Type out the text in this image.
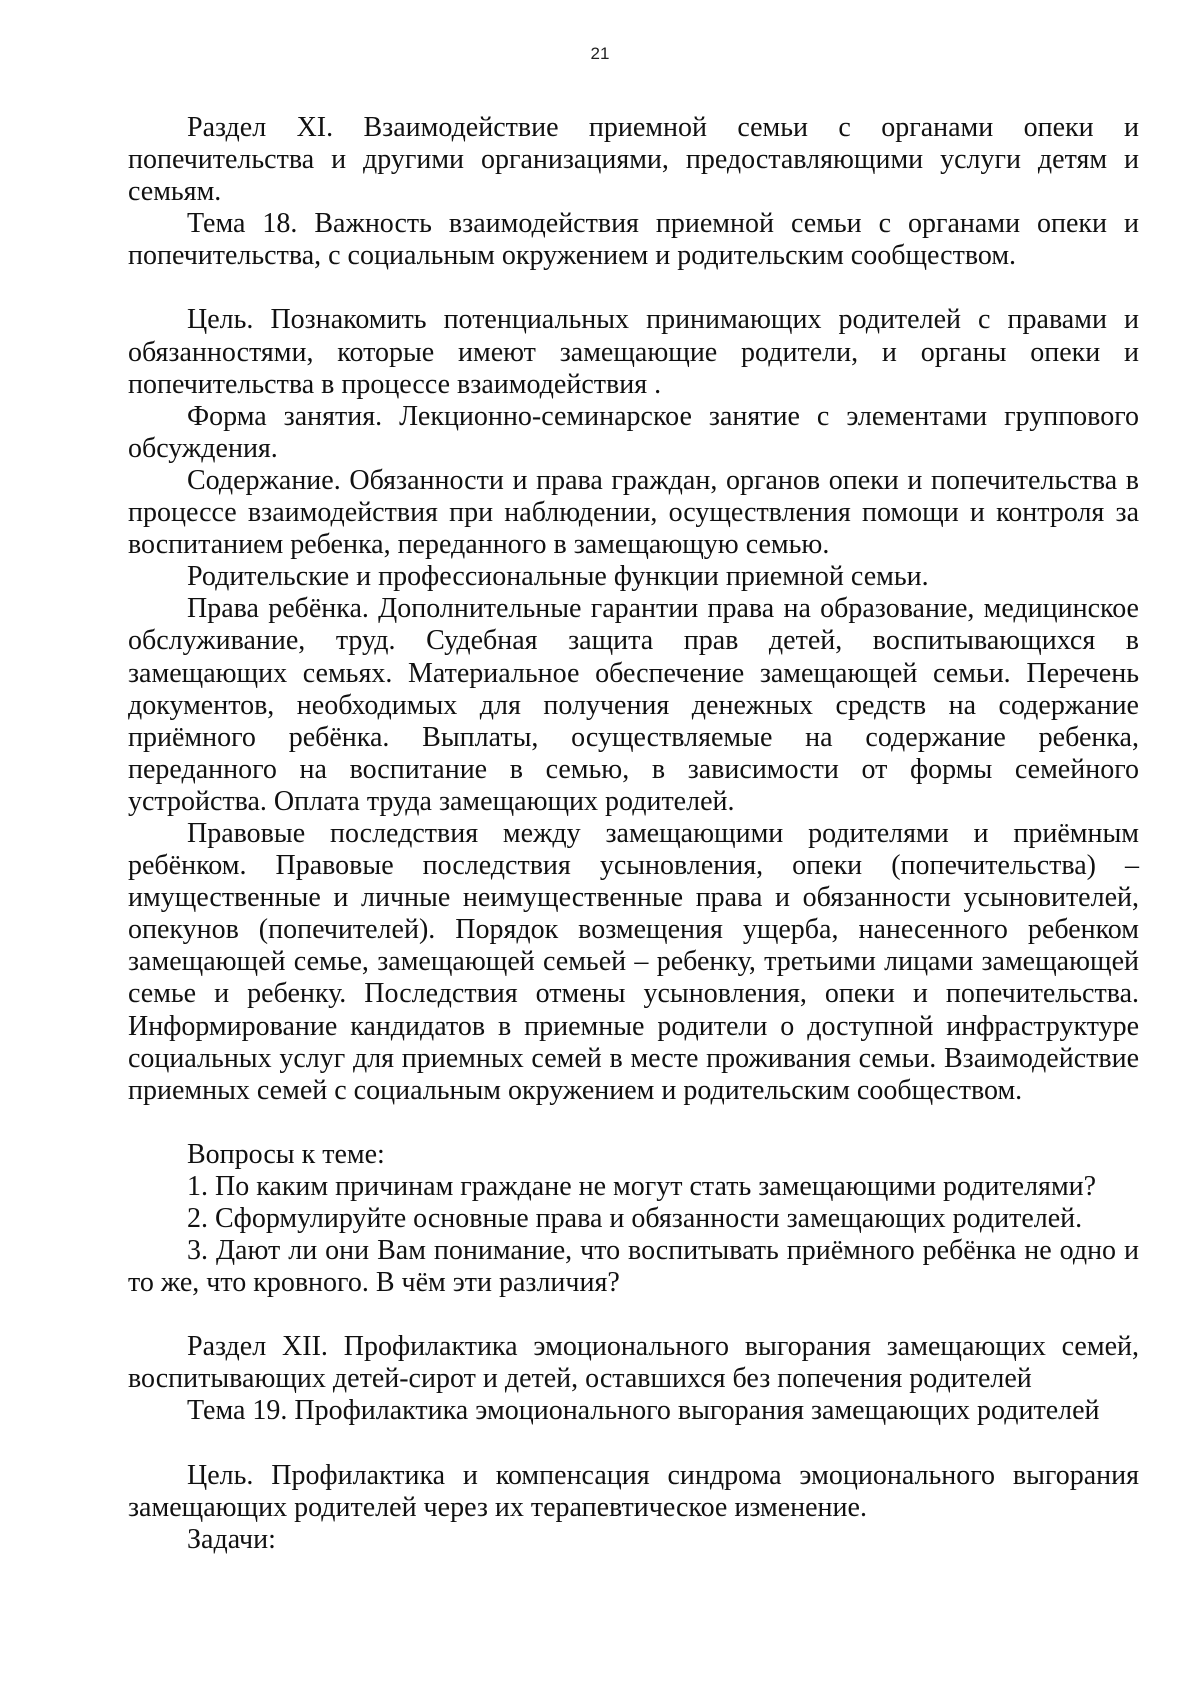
21

Раздел XI. Взаимодействие приемной семьи с органами опеки и попечительства и другими организациями, предоставляющими услуги детям и семьям.

Тема 18. Важность взаимодействия приемной семьи с органами опеки и попечительства, с социальным окружением и родительским сообществом.

Цель. Познакомить потенциальных принимающих родителей с правами и обязанностями, которые имеют замещающие родители, и органы опеки и попечительства в процессе взаимодействия .

Форма занятия. Лекционно-семинарское занятие с элементами группового обсуждения.

Содержание. Обязанности и права граждан, органов опеки и попечительства в процессе взаимодействия при наблюдении, осуществления помощи и контроля за воспитанием ребенка, переданного в замещающую семью.

Родительские и профессиональные функции приемной семьи.

Права ребёнка. Дополнительные гарантии права на образование, медицинское обслуживание, труд. Судебная защита прав детей, воспитывающихся в замещающих семьях. Материальное обеспечение замещающей семьи. Перечень документов, необходимых для получения денежных средств на содержание приёмного ребёнка. Выплаты, осуществляемые на содержание ребенка, переданного на воспитание в семью, в зависимости от формы семейного устройства. Оплата труда замещающих родителей.

Правовые последствия между замещающими родителями и приёмным ребёнком. Правовые последствия усыновления, опеки (попечительства) – имущественные и личные неимущественные права и обязанности усыновителей, опекунов (попечителей). Порядок возмещения ущерба, нанесенного ребенком замещающей семье, замещающей семьей – ребенку, третьими лицами замещающей семье и ребенку. Последствия отмены усыновления, опеки и попечительства. Информирование кандидатов в приемные родители о доступной инфраструктуре социальных услуг для приемных семей в месте проживания семьи. Взаимодействие приемных семей с социальным окружением и родительским сообществом.

Вопросы к теме:

1. По каким причинам граждане не могут стать замещающими родителями?

2. Сформулируйте основные права и обязанности замещающих родителей.

3. Дают ли они Вам понимание, что воспитывать приёмного ребёнка не одно и то же, что кровного. В чём эти различия?

Раздел XII. Профилактика эмоционального выгорания замещающих семей, воспитывающих детей-сирот и детей, оставшихся без попечения родителей

Тема 19. Профилактика эмоционального выгорания замещающих родителей

Цель. Профилактика и компенсация синдрома эмоционального выгорания замещающих родителей через их терапевтическое изменение.

Задачи:
